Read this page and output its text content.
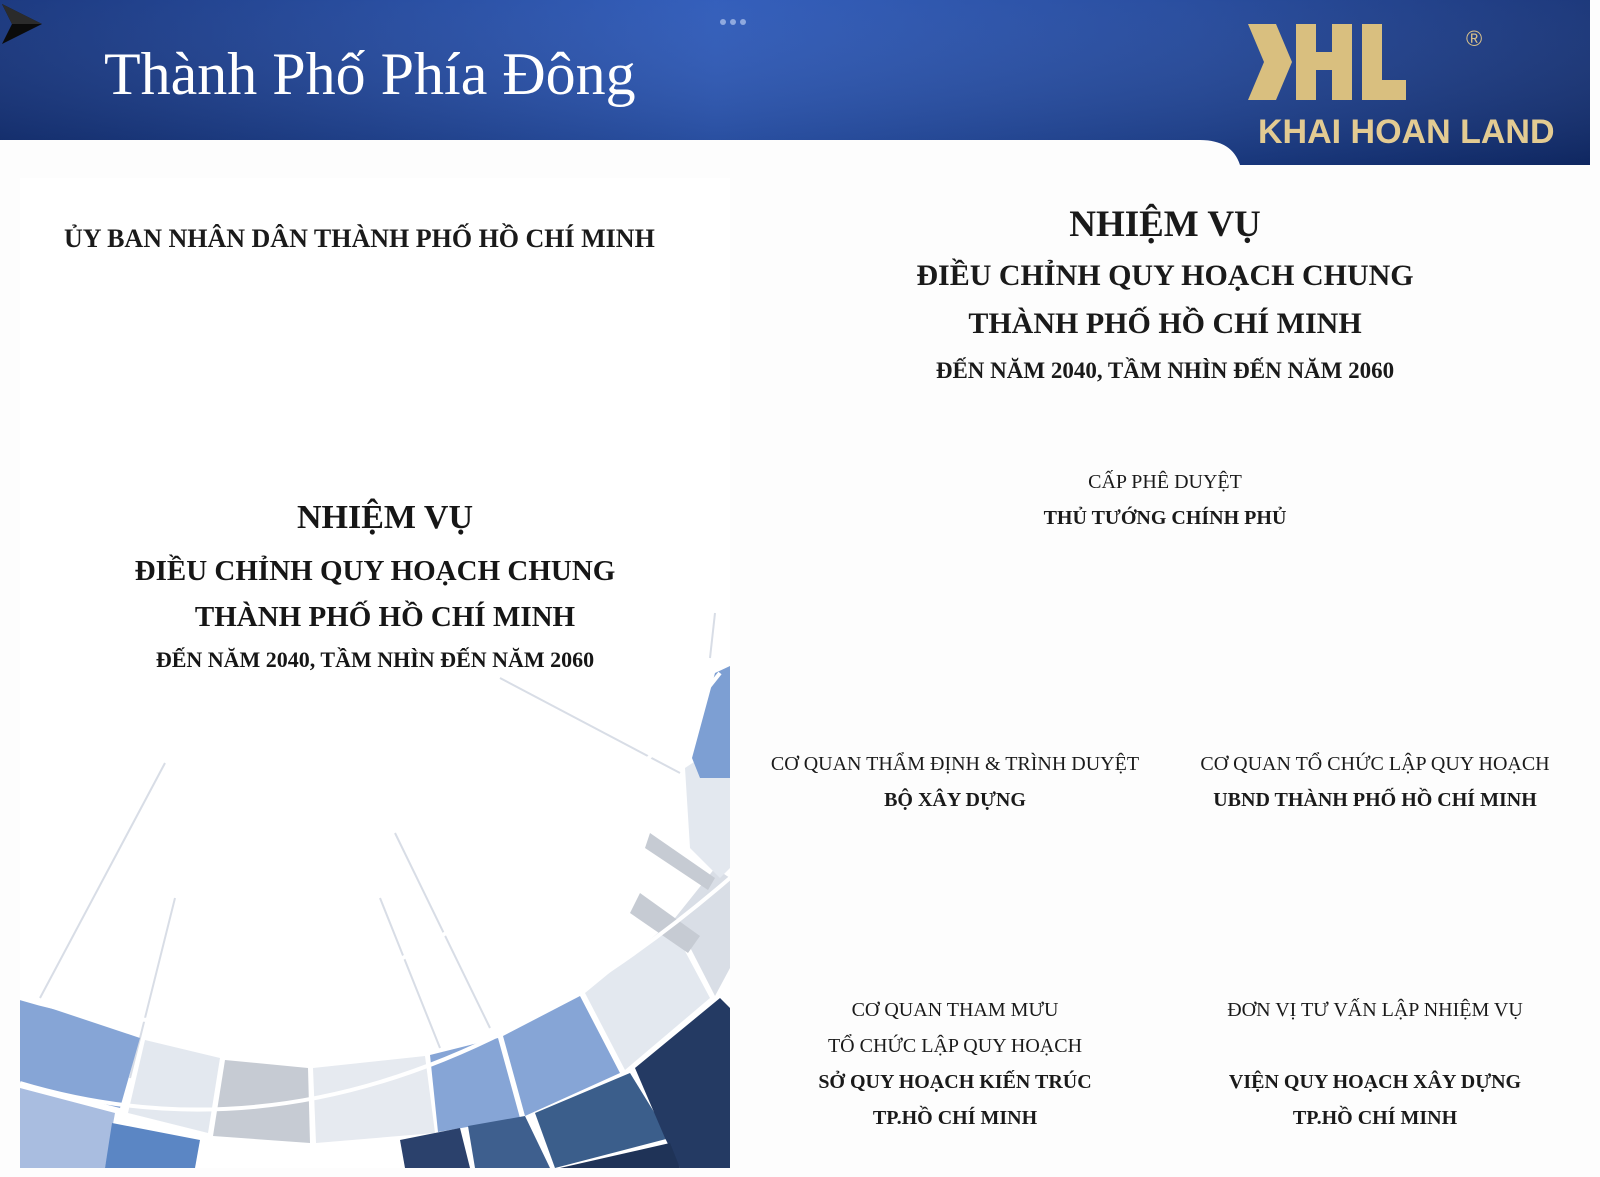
Thành Phố Phía Đông
®
KHAI HOAN LAND
ỦY BAN NHÂN DÂN THÀNH PHỐ HỒ CHÍ MINH
NHIỆM VỤ
ĐIỀU CHỈNH QUY HOẠCH CHUNG
THÀNH PHỐ HỒ CHÍ MINH
ĐẾN NĂM 2040, TẦM NHÌN ĐẾN NĂM 2060
NHIỆM VỤ
ĐIỀU CHỈNH QUY HOẠCH CHUNG
THÀNH PHỐ HỒ CHÍ MINH
ĐẾN NĂM 2040, TẦM NHÌN ĐẾN NĂM 2060
CẤP PHÊ DUYỆT
THỦ TƯỚNG CHÍNH PHỦ
CƠ QUAN THẨM ĐỊNH & TRÌNH DUYỆT
BỘ XÂY DỰNG
CƠ QUAN TỔ CHỨC LẬP QUY HOẠCH
UBND THÀNH PHỐ HỒ CHÍ MINH
CƠ QUAN THAM MƯU
TỔ CHỨC LẬP QUY HOẠCH
SỞ QUY HOẠCH KIẾN TRÚC
TP.HỒ CHÍ MINH
ĐƠN VỊ TƯ VẤN LẬP NHIỆM VỤ
VIỆN QUY HOẠCH XÂY DỰNG
TP.HỒ CHÍ MINH
